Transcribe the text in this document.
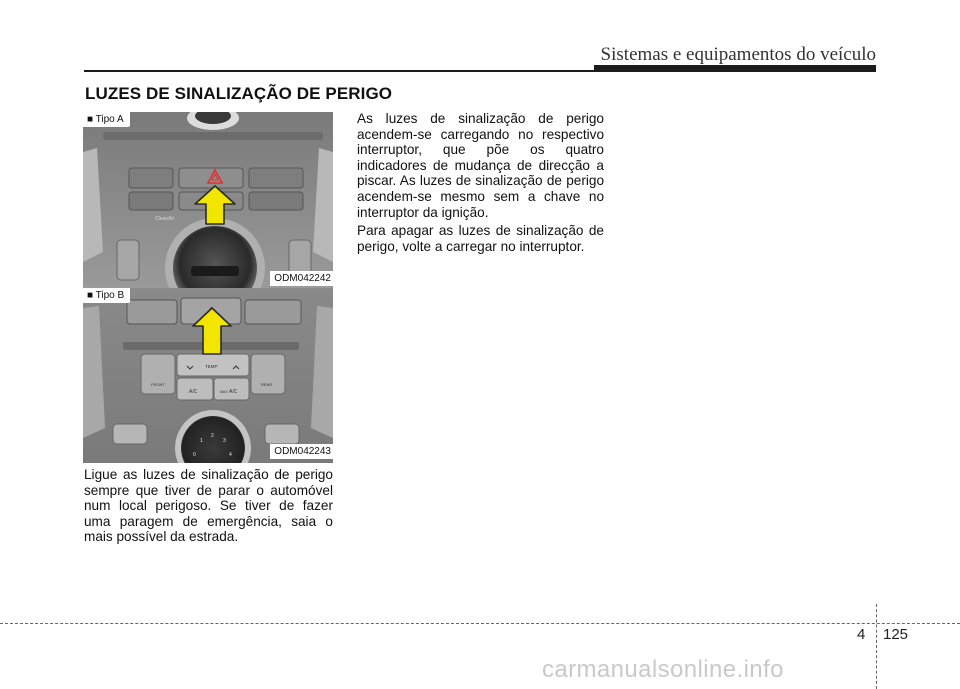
Sistemas e equipamentos do veículo
LUZES DE SINALIZAÇÃO DE PERIGO
CleanAir
■ Tipo A
ODM042242
TEMP
FRONT	REAR
A/C	MAX A/C
1
2
3
0	4
■ Tipo B
ODM042243

Ligue as luzes de sinalização de perigo sempre que tiver de parar o automóvel num local perigoso. Se tiver de fazer uma paragem de emergência, saia o mais possível da estrada.

As luzes de sinalização de perigo acendem-se carregando no respectivo interruptor, que põe os quatro indicadores de mudança de direcção a piscar. As luzes de sinalização de perigo acendem-se mesmo sem a chave no interruptor da ignição.

Para apagar as luzes de sinalização de perigo, volte a carregar no interruptor.

4 125
carmanualsonline.info
